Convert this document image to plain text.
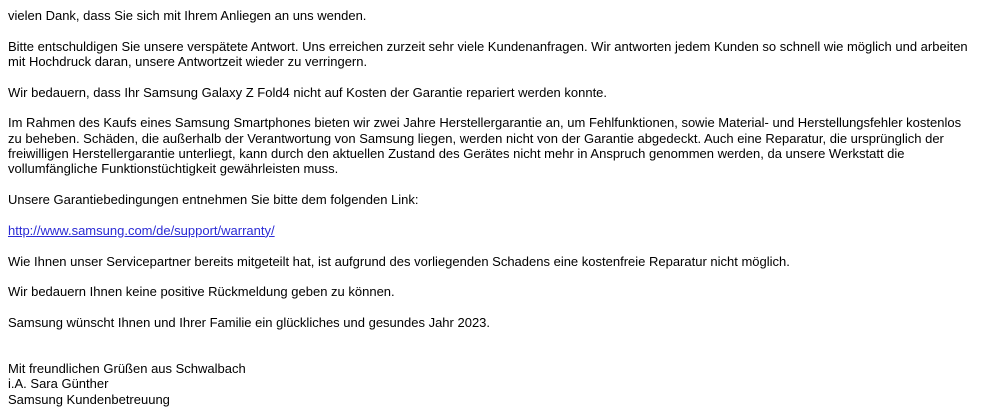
vielen Dank, dass Sie sich mit Ihrem Anliegen an uns wenden.
Bitte entschuldigen Sie unsere verspätete Antwort. Uns erreichen zurzeit sehr viele Kundenanfragen. Wir antworten jedem Kunden so schnell wie möglich und arbeiten
mit Hochdruck daran, unsere Antwortzeit wieder zu verringern.
Wir bedauern, dass Ihr Samsung Galaxy Z Fold4 nicht auf Kosten der Garantie repariert werden konnte.
Im Rahmen des Kaufs eines Samsung Smartphones bieten wir zwei Jahre Herstellergarantie an, um Fehlfunktionen, sowie Material- und Herstellungsfehler kostenlos
zu beheben. Schäden, die außerhalb der Verantwortung von Samsung liegen, werden nicht von der Garantie abgedeckt. Auch eine Reparatur, die ursprünglich der
freiwilligen Herstellergarantie unterliegt, kann durch den aktuellen Zustand des Gerätes nicht mehr in Anspruch genommen werden, da unsere Werkstatt die
vollumfängliche Funktionstüchtigkeit gewährleisten muss.
Unsere Garantiebedingungen entnehmen Sie bitte dem folgenden Link:
http://www.samsung.com/de/support/warranty/
Wie Ihnen unser Servicepartner bereits mitgeteilt hat, ist aufgrund des vorliegenden Schadens eine kostenfreie Reparatur nicht möglich.
Wir bedauern Ihnen keine positive Rückmeldung geben zu können.
Samsung wünscht Ihnen und Ihrer Familie ein glückliches und gesundes Jahr 2023.
Mit freundlichen Grüßen aus Schwalbach
i.A. Sara Günther
Samsung Kundenbetreuung
